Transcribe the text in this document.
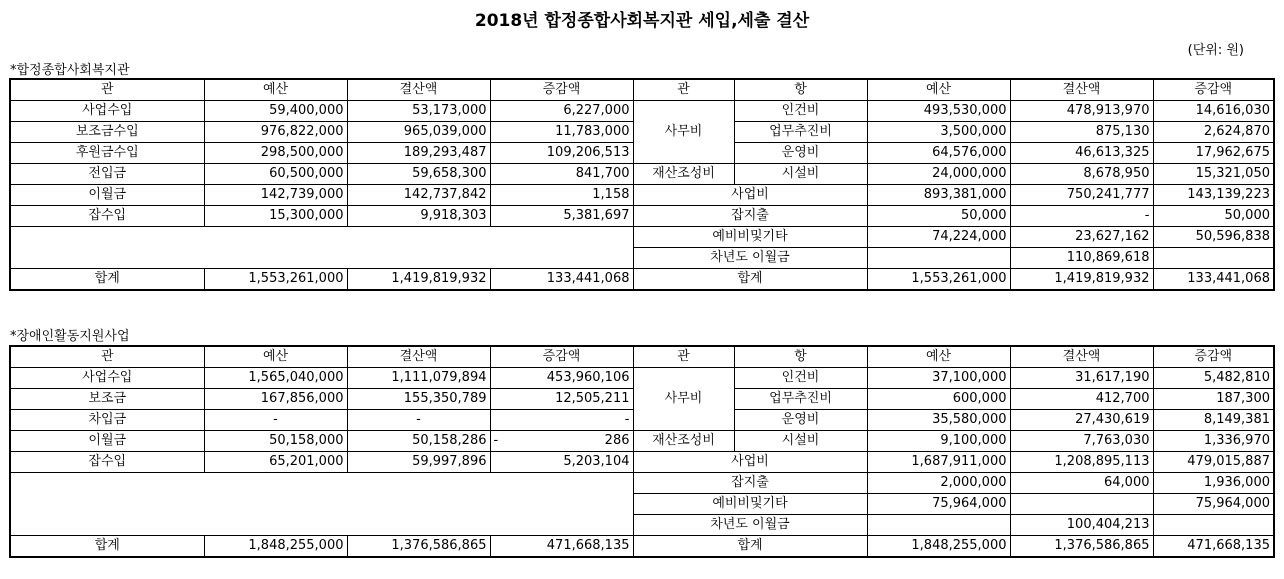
2018년 합정종합사회복지관 세입,세출 결산
(단위: 원)
*합정종합사회복지관
관	예산	결산액	증감액	관	항	예산	결산액	증감액
사업수입	59,400,000	53,173,000	6,227,000	사무비	인건비	493,530,000	478,913,970	14,616,030
보조금수입	976,822,000	965,039,000	11,783,000		업무추진비	3,500,000	875,130	2,624,870
후원금수입	298,500,000	189,293,487	109,206,513		운영비	64,576,000	46,613,325	17,962,675
전입금	60,500,000	59,658,300	841,700	재산조성비	시설비	24,000,000	8,678,950	15,321,050
이월금	142,739,000	142,737,842	1,158	사업비		893,381,000	750,241,777	143,139,223
잡수입	15,300,000	9,918,303	5,381,697	잡지출		50,000	-	50,000
				예비비및기타		74,224,000	23,627,162	50,596,838
				차년도 이월금			110,869,618	
합계	1,553,261,000	1,419,819,932	133,441,068	합계		1,553,261,000	1,419,819,932	133,441,068
*장애인활동지원사업
관	예산	결산액	증감액	관	항	예산	결산액	증감액
사업수입	1,565,040,000	1,111,079,894	453,960,106	사무비	인건비	37,100,000	31,617,190	5,482,810
보조금	167,856,000	155,350,789	12,505,211		업무추진비	600,000	412,700	187,300
차입금	-	-	-		운영비	35,580,000	27,430,619	8,149,381
이월금	50,158,000	50,158,286	- 286	재산조성비	시설비	9,100,000	7,763,030	1,336,970
잡수입	65,201,000	59,997,896	5,203,104	사업비		1,687,911,000	1,208,895,113	479,015,887
				잡지출		2,000,000	64,000	1,936,000
				예비비및기타		75,964,000		75,964,000
				차년도 이월금			100,404,213	
합계	1,848,255,000	1,376,586,865	471,668,135	합계		1,848,255,000	1,376,586,865	471,668,135
